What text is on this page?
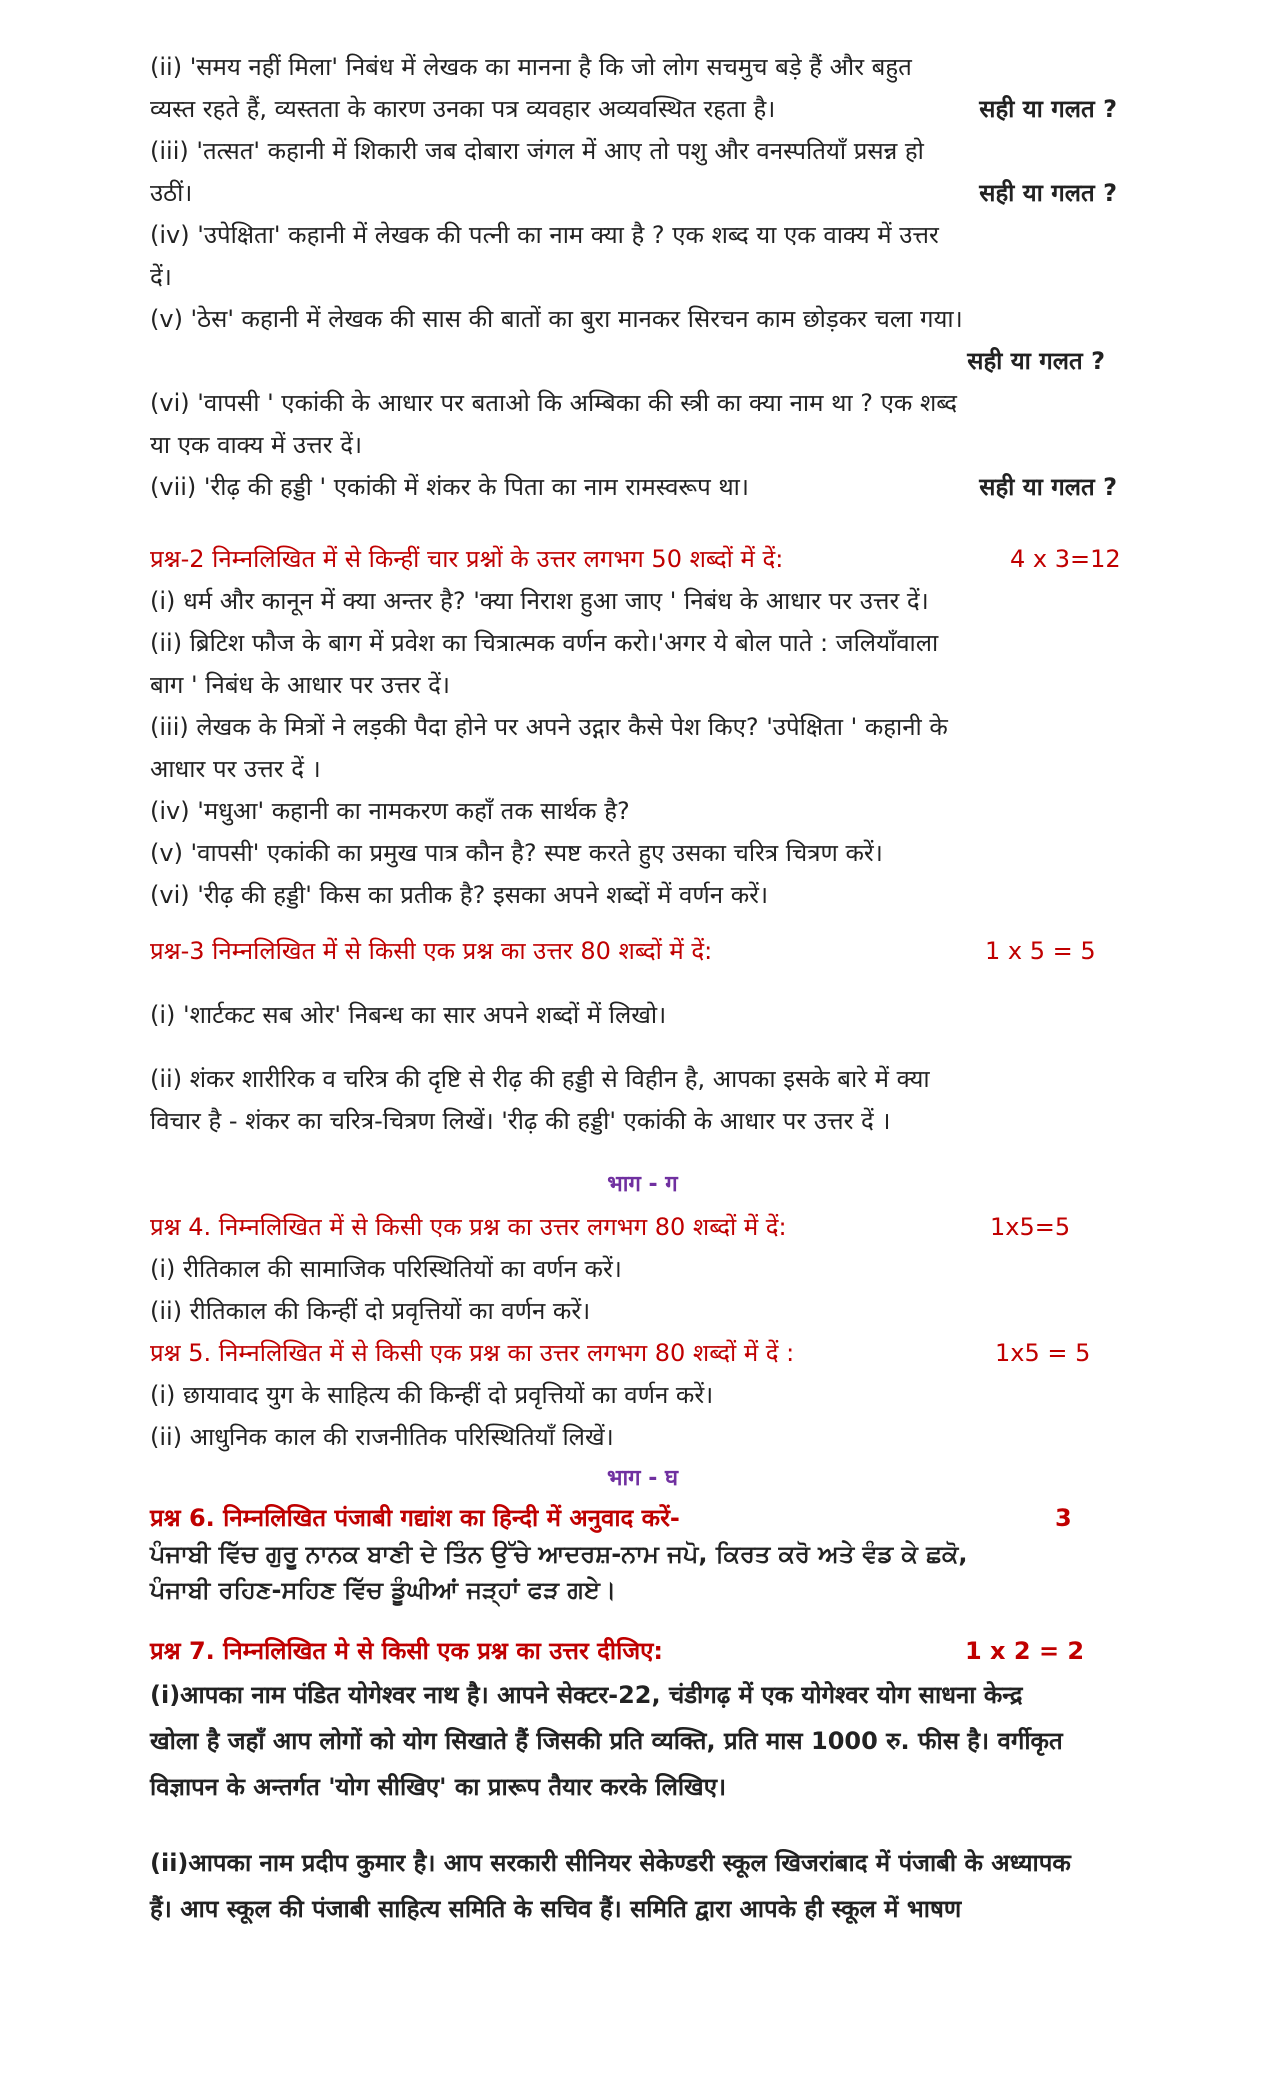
(ii) 'समय नहीं मिला' निबंध में लेखक का मानना है कि जो लोग सचमुच बड़े हैं और बहुत
व्यस्त रहते हैं, व्यस्तता के कारण उनका पत्र व्यवहार अव्यवस्थित रहता है।	सही या गलत ?
(iii) 'तत्सत' कहानी में शिकारी जब दोबारा जंगल में आए तो पशु और वनस्पतियाँ प्रसन्न हो
उठीं।	सही या गलत ?
(iv) 'उपेक्षिता' कहानी में लेखक की पत्नी का नाम क्या है ? एक शब्द या एक वाक्य में उत्तर
दें।
(v) 'ठेस' कहानी में लेखक की सास की बातों का बुरा मानकर सिरचन काम छोड़कर चला गया।
सही या गलत ?
(vi) 'वापसी ' एकांकी के आधार पर बताओ कि अम्बिका की स्त्री का क्या नाम था ? एक शब्द
या एक वाक्य में उत्तर दें।
(vii) 'रीढ़ की हड्डी ' एकांकी में शंकर के पिता का नाम रामस्वरूप था।	सही या गलत ?
प्रश्न-2 निम्नलिखित में से किन्हीं चार प्रश्नों के उत्तर लगभग 50 शब्दों में दें:	4 x 3=12
(i) धर्म और कानून में क्या अन्तर है? 'क्या निराश हुआ जाए ' निबंध के आधार पर उत्तर दें।
(ii) ब्रिटिश फौज के बाग में प्रवेश का चित्रात्मक वर्णन करो।'अगर ये बोल पाते : जलियाँवाला
बाग ' निबंध के आधार पर उत्तर दें।
(iii) लेखक के मित्रों ने लड़की पैदा होने पर अपने उद्गार कैसे पेश किए? 'उपेक्षिता ' कहानी के
आधार पर उत्तर दें ।
(iv) 'मधुआ' कहानी का नामकरण कहाँ तक सार्थक है?
(v) 'वापसी' एकांकी का प्रमुख पात्र कौन है? स्पष्ट करते हुए उसका चरित्र चित्रण करें।
(vi) 'रीढ़ की हड्डी' किस का प्रतीक है? इसका अपने शब्दों में वर्णन करें।
प्रश्न-3 निम्नलिखित में से किसी एक प्रश्न का उत्तर 80 शब्दों में दें:	1 x 5 = 5
(i) 'शार्टकट सब ओर' निबन्ध का सार अपने शब्दों में लिखो।
(ii) शंकर शारीरिक व चरित्र की दृष्टि से रीढ़ की हड्डी से विहीन है, आपका इसके बारे में क्या
विचार है - शंकर का चरित्र-चित्रण लिखें। 'रीढ़ की हड्डी' एकांकी के आधार पर उत्तर दें ।
भाग - ग
प्रश्न 4. निम्नलिखित में से किसी एक प्रश्न का उत्तर लगभग 80 शब्दों में दें:	1x5=5
(i) रीतिकाल की सामाजिक परिस्थितियों का वर्णन करें।
(ii) रीतिकाल की किन्हीं दो प्रवृत्तियों का वर्णन करें।
प्रश्न 5. निम्नलिखित में से किसी एक प्रश्न का उत्तर लगभग 80 शब्दों में दें :	1x5 = 5
(i) छायावाद युग के साहित्य की किन्हीं दो प्रवृत्तियों का वर्णन करें।
(ii) आधुनिक काल की राजनीतिक परिस्थितियाँ लिखें।
भाग - घ
प्रश्न 6. निम्नलिखित पंजाबी गद्यांश का हिन्दी में अनुवाद करें-	3
ਪੰਜਾਬੀ ਵਿੱਚ ਗੁਰੂ ਨਾਨਕ ਬਾਣੀ ਦੇ ਤਿੰਨ ਉੱਚੇ ਆਦਰਸ਼-ਨਾਮ ਜਪੋ, ਕਿਰਤ ਕਰੋ ਅਤੇ ਵੰਡ ਕੇ ਛਕੋ,
ਪੰਜਾਬੀ ਰਹਿਣ-ਸਹਿਣ ਵਿੱਚ ਡੂੰਘੀਆਂ ਜੜ੍ਹਾਂ ਫੜ ਗਏ।
प्रश्न 7. निम्नलिखित मे से किसी एक प्रश्न का उत्तर दीजिए:	1 x 2 = 2
(i)आपका नाम पंडित योगेश्वर नाथ है। आपने सेक्टर-22, चंडीगढ़ में एक योगेश्वर योग साधना केन्द्र
खोला है जहाँ आप लोगों को योग सिखाते हैं जिसकी प्रति व्यक्ति, प्रति मास 1000 रु. फीस है। वर्गीकृत
विज्ञापन के अन्तर्गत 'योग सीखिए' का प्रारूप तैयार करके लिखिए।
(ii)आपका नाम प्रदीप कुमार है। आप सरकारी सीनियर सेकेण्डरी स्कूल खिजरांबाद में पंजाबी के अध्यापक
हैं। आप स्कूल की पंजाबी साहित्य समिति के सचिव हैं। समिति द्वारा आपके ही स्कूल में भाषण
